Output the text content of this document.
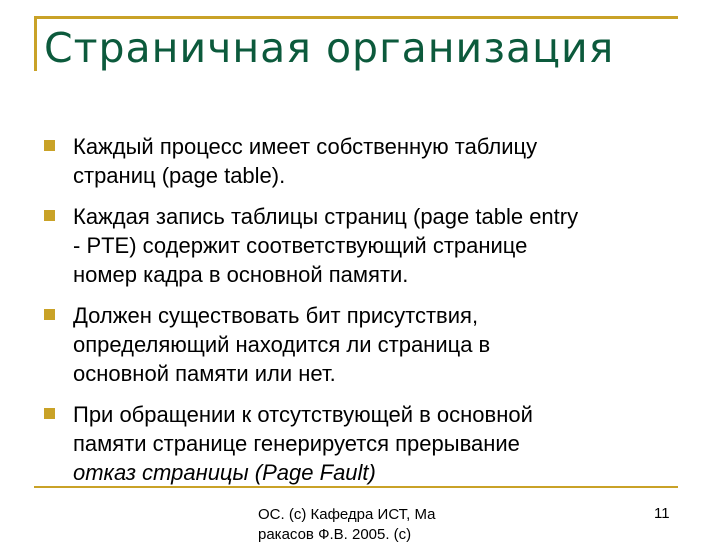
Страничная организация
Каждый процесс имеет собственную таблицу
страниц (page table).
Каждая запись таблицы страниц (page table entry
- PTE) содержит соответствующий странице
номер кадра в основной памяти.
Должен существовать бит присутствия,
определяющий находится ли страница в
основной памяти или нет.
При обращении к отсутствующей в основной
памяти странице генерируется прерывание
отказ страницы (Page Fault)
ОС. (c) Кафедра ИСТ, Ма
ракасов Ф.В. 2005. (c)
11
